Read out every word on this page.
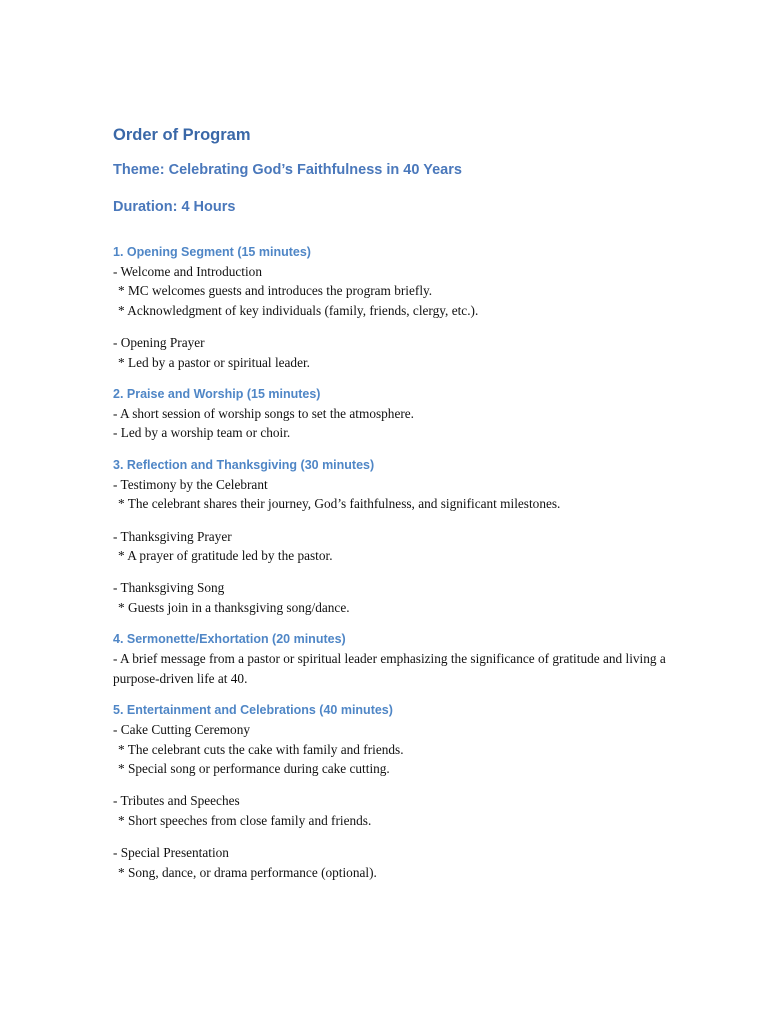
Order of Program
Theme: Celebrating God’s Faithfulness in 40 Years
Duration: 4 Hours

1. Opening Segment (15 minutes)

- Welcome and Introduction

* MC welcomes guests and introduces the program briefly.

* Acknowledgment of key individuals (family, friends, clergy, etc.).

- Opening Prayer

* Led by a pastor or spiritual leader.

2. Praise and Worship (15 minutes)

- A short session of worship songs to set the atmosphere.

- Led by a worship team or choir.

3. Reflection and Thanksgiving (30 minutes)

- Testimony by the Celebrant

* The celebrant shares their journey, God’s faithfulness, and significant milestones.

- Thanksgiving Prayer

* A prayer of gratitude led by the pastor.

- Thanksgiving Song

* Guests join in a thanksgiving song/dance.

4. Sermonette/Exhortation (20 minutes)

- A brief message from a pastor or spiritual leader emphasizing the significance of gratitude and living a purpose-driven life at 40.

5. Entertainment and Celebrations (40 minutes)

- Cake Cutting Ceremony

* The celebrant cuts the cake with family and friends.

* Special song or performance during cake cutting.

- Tributes and Speeches

* Short speeches from close family and friends.

- Special Presentation

* Song, dance, or drama performance (optional).
